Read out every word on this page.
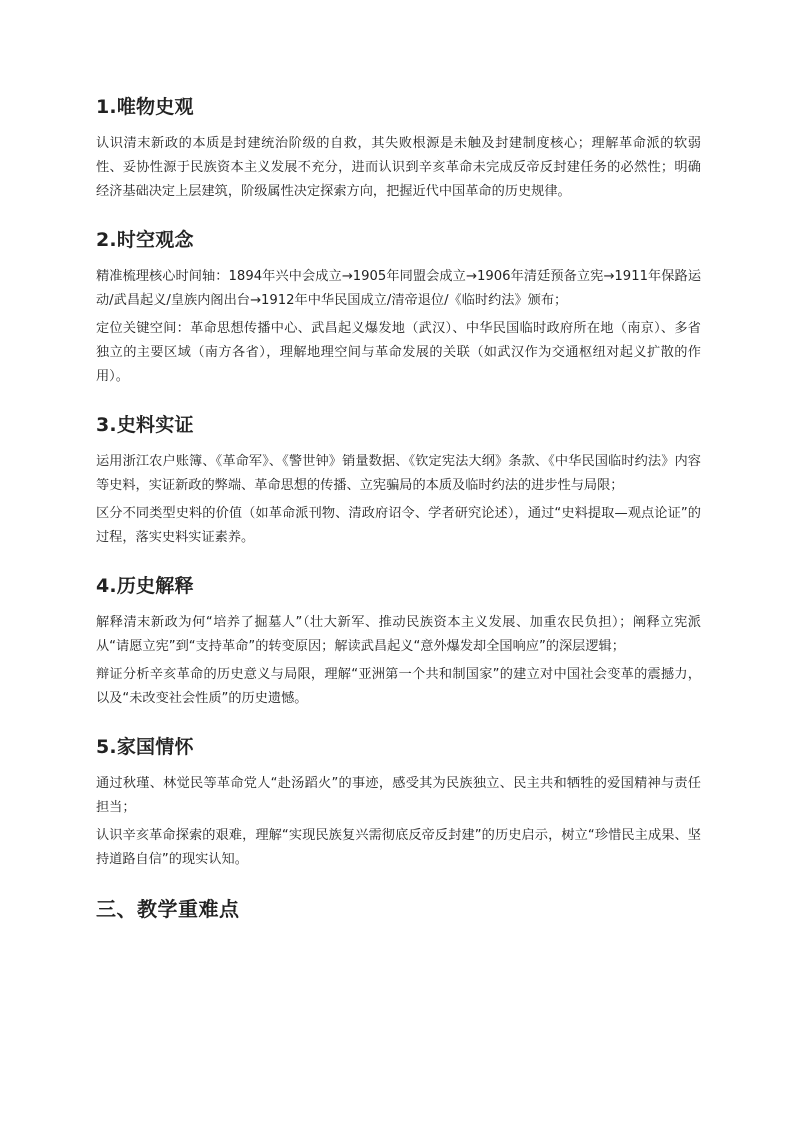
1.唯物史观

认识清末新政的本质是封建统治阶级的自救，其失败根源是未触及封建制度核心；理解革命派的软弱性、妥协性源于民族资本主义发展不充分，进而认识到辛亥革命未完成反帝反封建任务的必然性；明确经济基础决定上层建筑，阶级属性决定探索方向，把握近代中国革命的历史规律。

2.时空观念

精准梳理核心时间轴：1894年兴中会成立→1905年同盟会成立→1906年清廷预备立宪→1911年保路运动/武昌起义/皇族内阁出台→1912年中华民国成立/清帝退位/《临时约法》颁布；

定位关键空间：革命思想传播中心、武昌起义爆发地（武汉）、中华民国临时政府所在地（南京）、多省独立的主要区域（南方各省），理解地理空间与革命发展的关联（如武汉作为交通枢纽对起义扩散的作用）。

3.史料实证

运用浙江农户账簿、《革命军》、《警世钟》销量数据、《钦定宪法大纲》条款、《中华民国临时约法》内容等史料，实证新政的弊端、革命思想的传播、立宪骗局的本质及临时约法的进步性与局限；

区分不同类型史料的价值（如革命派刊物、清政府诏令、学者研究论述），通过“史料提取—观点论证”的过程，落实史料实证素养。

4.历史解释

解释清末新政为何“培养了掘墓人”（壮大新军、推动民族资本主义发展、加重农民负担）；阐释立宪派从“请愿立宪”到“支持革命”的转变原因；解读武昌起义“意外爆发却全国响应”的深层逻辑；

辩证分析辛亥革命的历史意义与局限，理解“亚洲第一个共和制国家”的建立对中国社会变革的震撼力，以及“未改变社会性质”的历史遗憾。

5.家国情怀

通过秋瑾、林觉民等革命党人“赴汤蹈火”的事迹，感受其为民族独立、民主共和牺牲的爱国精神与责任担当；

认识辛亥革命探索的艰难，理解“实现民族复兴需彻底反帝反封建”的历史启示，树立“珍惜民主成果、坚持道路自信”的现实认知。

三、教学重难点
